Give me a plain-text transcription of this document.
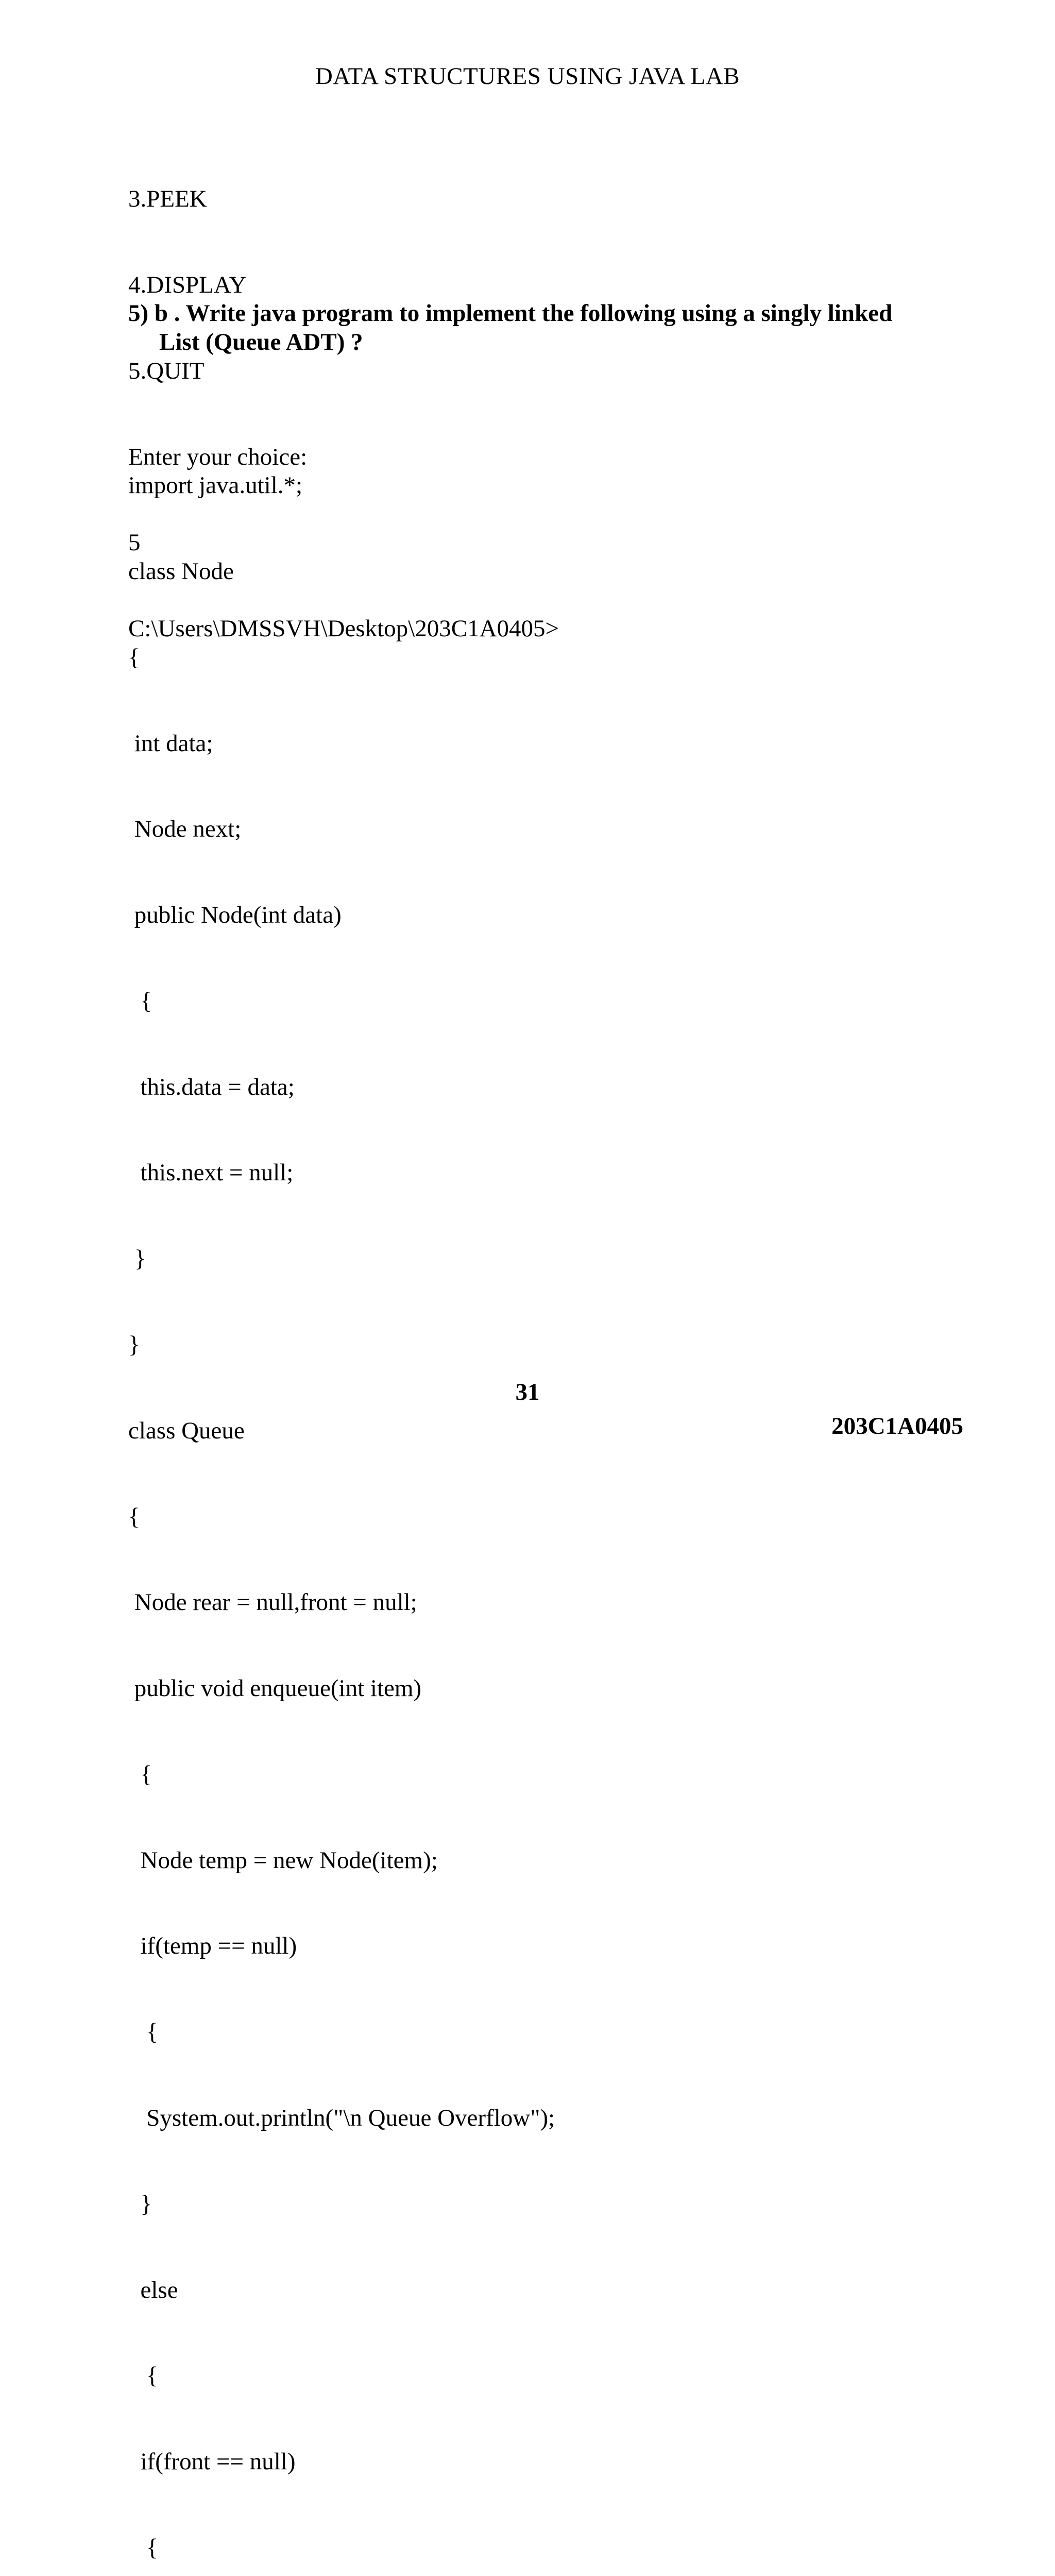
DATA STRUCTURES USING JAVA LAB

3.PEEK

4.DISPLAY

5.QUIT

Enter your choice:

5

C:\Users\DMSSVH\Desktop\203C1A0405>

5) b . Write java program to implement the following using a singly linked
List (Queue ADT) ?

import java.util.*;

class Node

{

int data;

Node next;

public Node(int data)

{

this.data = data;

this.next = null;

}

}

class Queue

{

Node rear = null,front = null;

public void enqueue(int item)

{

Node temp = new Node(item);

if(temp == null)

{

System.out.println("\n Queue Overflow");

}

else

{

if(front == null)

{

31
203C1A0405
